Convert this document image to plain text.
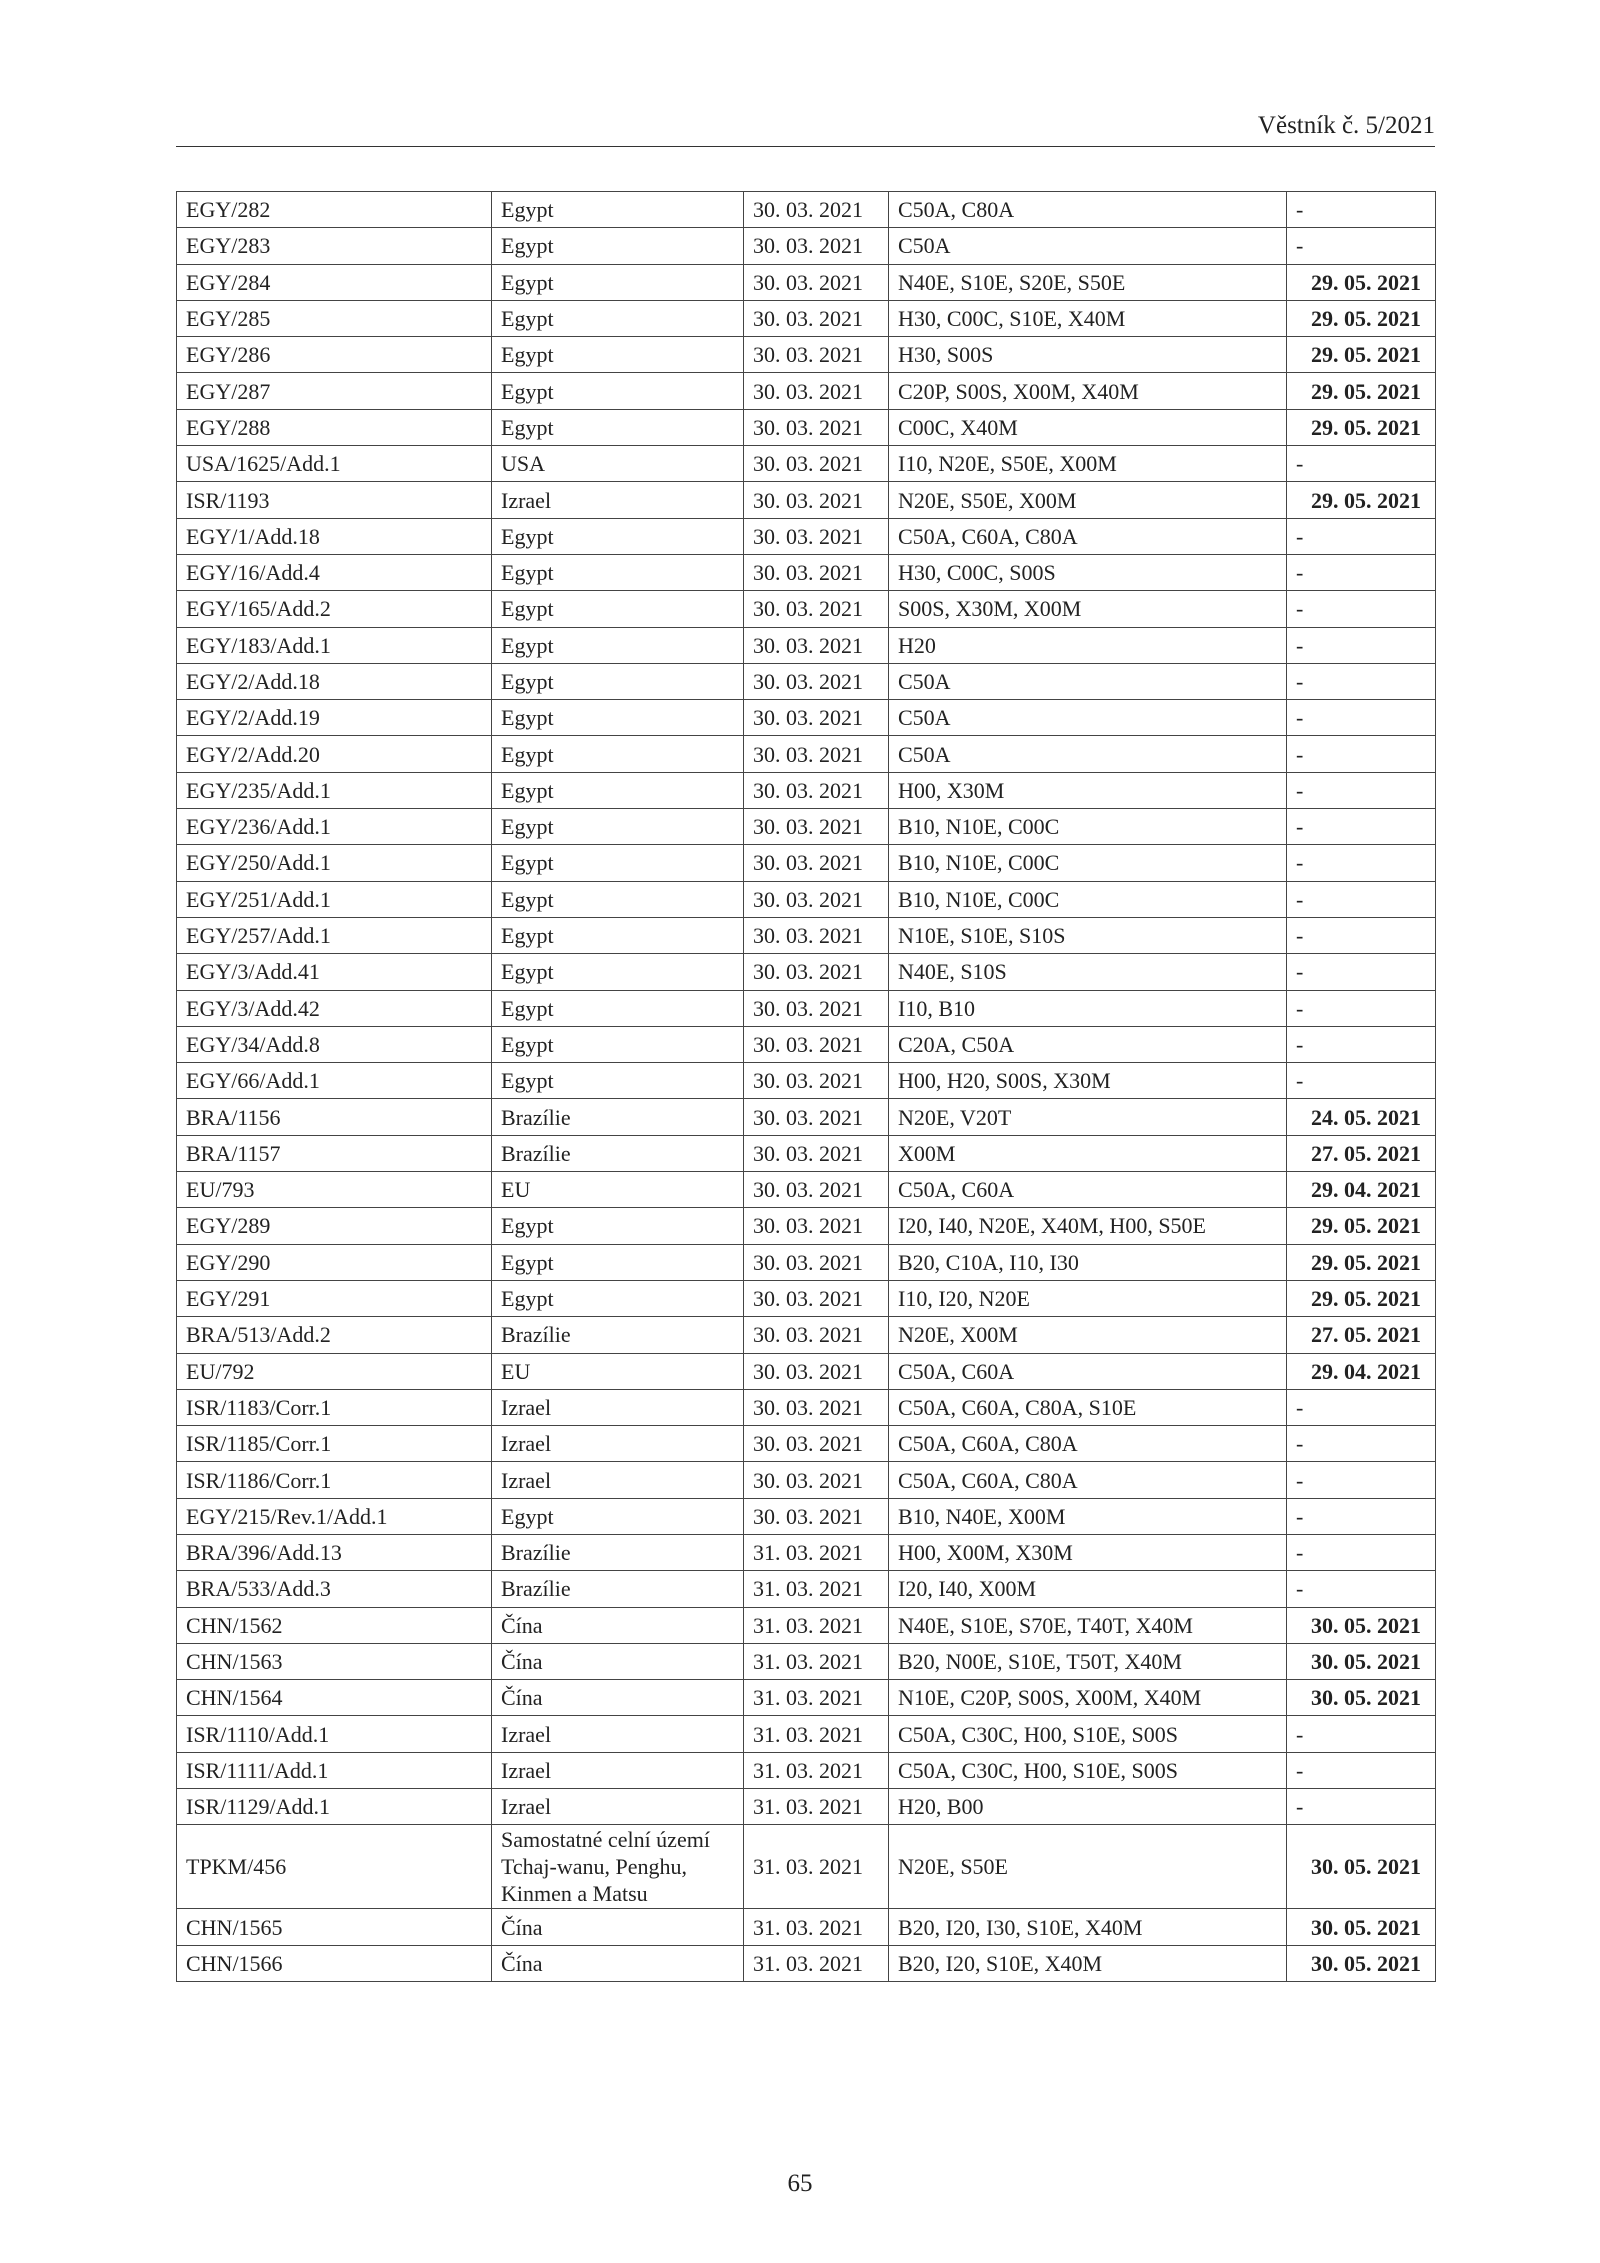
Věstník č. 5/2021
EGY/282	Egypt	30. 03. 2021	C50A, C80A	-
EGY/283	Egypt	30. 03. 2021	C50A	-
EGY/284	Egypt	30. 03. 2021	N40E, S10E, S20E, S50E	29. 05. 2021
EGY/285	Egypt	30. 03. 2021	H30, C00C, S10E, X40M	29. 05. 2021
EGY/286	Egypt	30. 03. 2021	H30, S00S	29. 05. 2021
EGY/287	Egypt	30. 03. 2021	C20P, S00S, X00M, X40M	29. 05. 2021
EGY/288	Egypt	30. 03. 2021	C00C, X40M	29. 05. 2021
USA/1625/Add.1	USA	30. 03. 2021	I10, N20E, S50E, X00M	-
ISR/1193	Izrael	30. 03. 2021	N20E, S50E, X00M	29. 05. 2021
EGY/1/Add.18	Egypt	30. 03. 2021	C50A, C60A, C80A	-
EGY/16/Add.4	Egypt	30. 03. 2021	H30, C00C, S00S	-
EGY/165/Add.2	Egypt	30. 03. 2021	S00S, X30M, X00M	-
EGY/183/Add.1	Egypt	30. 03. 2021	H20	-
EGY/2/Add.18	Egypt	30. 03. 2021	C50A	-
EGY/2/Add.19	Egypt	30. 03. 2021	C50A	-
EGY/2/Add.20	Egypt	30. 03. 2021	C50A	-
EGY/235/Add.1	Egypt	30. 03. 2021	H00, X30M	-
EGY/236/Add.1	Egypt	30. 03. 2021	B10, N10E, C00C	-
EGY/250/Add.1	Egypt	30. 03. 2021	B10, N10E, C00C	-
EGY/251/Add.1	Egypt	30. 03. 2021	B10, N10E, C00C	-
EGY/257/Add.1	Egypt	30. 03. 2021	N10E, S10E, S10S	-
EGY/3/Add.41	Egypt	30. 03. 2021	N40E, S10S	-
EGY/3/Add.42	Egypt	30. 03. 2021	I10, B10	-
EGY/34/Add.8	Egypt	30. 03. 2021	C20A, C50A	-
EGY/66/Add.1	Egypt	30. 03. 2021	H00, H20, S00S, X30M	-
BRA/1156	Brazílie	30. 03. 2021	N20E, V20T	24. 05. 2021
BRA/1157	Brazílie	30. 03. 2021	X00M	27. 05. 2021
EU/793	EU	30. 03. 2021	C50A, C60A	29. 04. 2021
EGY/289	Egypt	30. 03. 2021	I20, I40, N20E, X40M, H00, S50E	29. 05. 2021
EGY/290	Egypt	30. 03. 2021	B20, C10A, I10, I30	29. 05. 2021
EGY/291	Egypt	30. 03. 2021	I10, I20, N20E	29. 05. 2021
BRA/513/Add.2	Brazílie	30. 03. 2021	N20E, X00M	27. 05. 2021
EU/792	EU	30. 03. 2021	C50A, C60A	29. 04. 2021
ISR/1183/Corr.1	Izrael	30. 03. 2021	C50A, C60A, C80A, S10E	-
ISR/1185/Corr.1	Izrael	30. 03. 2021	C50A, C60A, C80A	-
ISR/1186/Corr.1	Izrael	30. 03. 2021	C50A, C60A, C80A	-
EGY/215/Rev.1/Add.1	Egypt	30. 03. 2021	B10, N40E, X00M	-
BRA/396/Add.13	Brazílie	31. 03. 2021	H00, X00M, X30M	-
BRA/533/Add.3	Brazílie	31. 03. 2021	I20, I40, X00M	-
CHN/1562	Čína	31. 03. 2021	N40E, S10E, S70E, T40T, X40M	30. 05. 2021
CHN/1563	Čína	31. 03. 2021	B20, N00E, S10E, T50T, X40M	30. 05. 2021
CHN/1564	Čína	31. 03. 2021	N10E, C20P, S00S, X00M, X40M	30. 05. 2021
ISR/1110/Add.1	Izrael	31. 03. 2021	C50A, C30C, H00, S10E, S00S	-
ISR/1111/Add.1	Izrael	31. 03. 2021	C50A, C30C, H00, S10E, S00S	-
ISR/1129/Add.1	Izrael	31. 03. 2021	H20, B00	-
TPKM/456	Samostatné celní území Tchaj-wanu, Penghu, Kinmen a Matsu	31. 03. 2021	N20E, S50E	30. 05. 2021
CHN/1565	Čína	31. 03. 2021	B20, I20, I30, S10E, X40M	30. 05. 2021
CHN/1566	Čína	31. 03. 2021	B20, I20, S10E, X40M	30. 05. 2021
65
